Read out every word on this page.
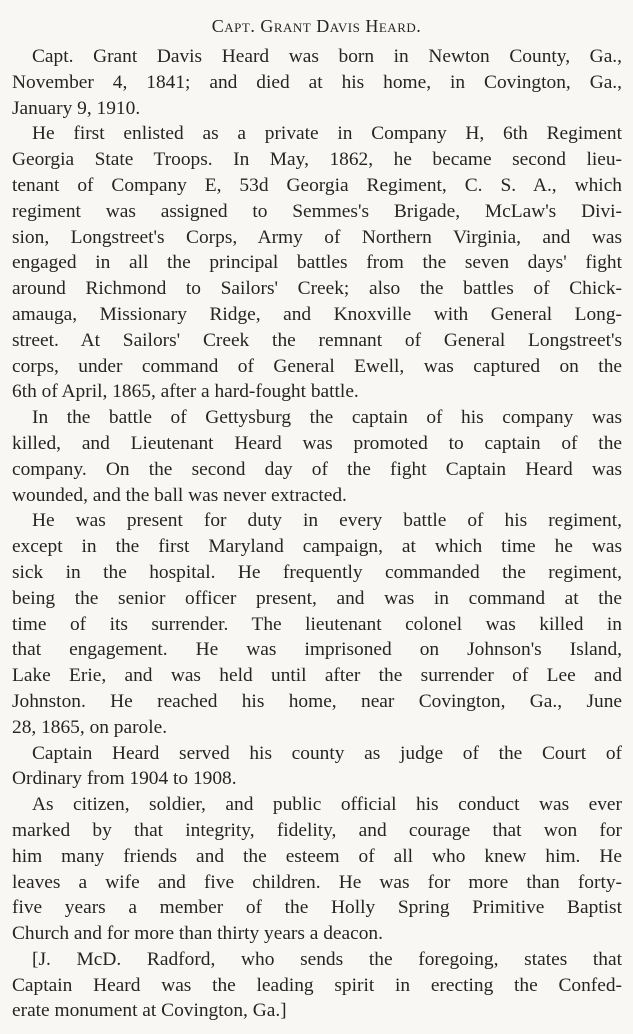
Capt. Grant Davis Heard.
Capt. Grant Davis Heard was born in Newton County, Ga.,
November 4, 1841; and died at his home, in Covington, Ga.,
January 9, 1910.
He first enlisted as a private in Company H, 6th Regiment
Georgia State Troops. In May, 1862, he became second lieu-
tenant of Company E, 53d Georgia Regiment, C. S. A., which
regiment was assigned to Semmes's Brigade, McLaw's Divi-
sion, Longstreet's Corps, Army of Northern Virginia, and was
engaged in all the principal battles from the seven days' fight
around Richmond to Sailors' Creek; also the battles of Chick-
amauga, Missionary Ridge, and Knoxville with General Long-
street. At Sailors' Creek the remnant of General Longstreet's
corps, under command of General Ewell, was captured on the
6th of April, 1865, after a hard-fought battle.
In the battle of Gettysburg the captain of his company was
killed, and Lieutenant Heard was promoted to captain of the
company. On the second day of the fight Captain Heard was
wounded, and the ball was never extracted.
He was present for duty in every battle of his regiment,
except in the first Maryland campaign, at which time he was
sick in the hospital. He frequently commanded the regiment,
being the senior officer present, and was in command at the
time of its surrender. The lieutenant colonel was killed in
that engagement. He was imprisoned on Johnson's Island,
Lake Erie, and was held until after the surrender of Lee and
Johnston. He reached his home, near Covington, Ga., June
28, 1865, on parole.
Captain Heard served his county as judge of the Court of
Ordinary from 1904 to 1908.
As citizen, soldier, and public official his conduct was ever
marked by that integrity, fidelity, and courage that won for
him many friends and the esteem of all who knew him. He
leaves a wife and five children. He was for more than forty-
five years a member of the Holly Spring Primitive Baptist
Church and for more than thirty years a deacon.
[J. McD. Radford, who sends the foregoing, states that
Captain Heard was the leading spirit in erecting the Confed-
erate monument at Covington, Ga.]
